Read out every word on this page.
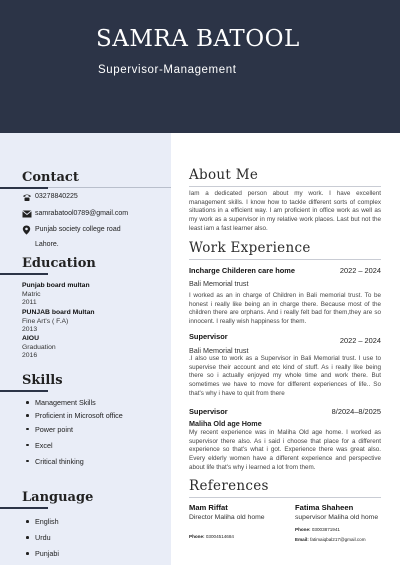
SAMRA BATOOL
Supervisor-Management
Contact
03278840225
samrabatool0789@gmail.com
Punjab society college road Lahore.
Education
Punjab board multan
Matric
2011
PUNJAB board Multan
Fine Art's ( F.A)
2013
AIOU
Graduation
2016
Skills
Management Skills
Proficient in Microsoft office
Power point
Excel
Critical thinking
Language
English
Urdu
Punjabi
About Me
Iam a dedicated person about my work. I have excellent management skills. I know how to tackle different sorts of complex situations in a efficient way. I am proficient in office work as well as my work as a supervisor in my relative work places. Last but not the least iam a fast learner also.
Work Experience
Incharge Childeren care home	2022 – 2024
Bali Memorial trust
I worked as an in charge of Children in Bali memorial trust. To be honest i really like being an in charge there. Because most of the children there are orphans. And i really felt bad for them,they are so innocent. I really wish happiness for them.
Supervisor	2022 – 2024
Bali Memorial trust
.I also use to work as a Supervisor in Bali Memorial trust. I use to supervise their account and etc kind of stuff. As i really like being there so i actually enjoyed my whole time and work there. But sometimes we have to move for different experiences of life.. So that's why i have to quit from there
Supervisor	8/2024–8/2025
Maliha Old age Home
My recent experience was in Maliha Old age home. I worked as supervisor there also. As i said i choose that place for a different experience so that's what i got. Experience there was great also. Every elderly women have a different experience and perspective about life that's why i learned a lot from them.
References
Mam Riffat
Director Maliha old home
Phone: 03004514684
Fatima Shaheen
supervisor Maliha old home
Phone: 03003871941
Email: fatimaiqbal217@gmail.com
